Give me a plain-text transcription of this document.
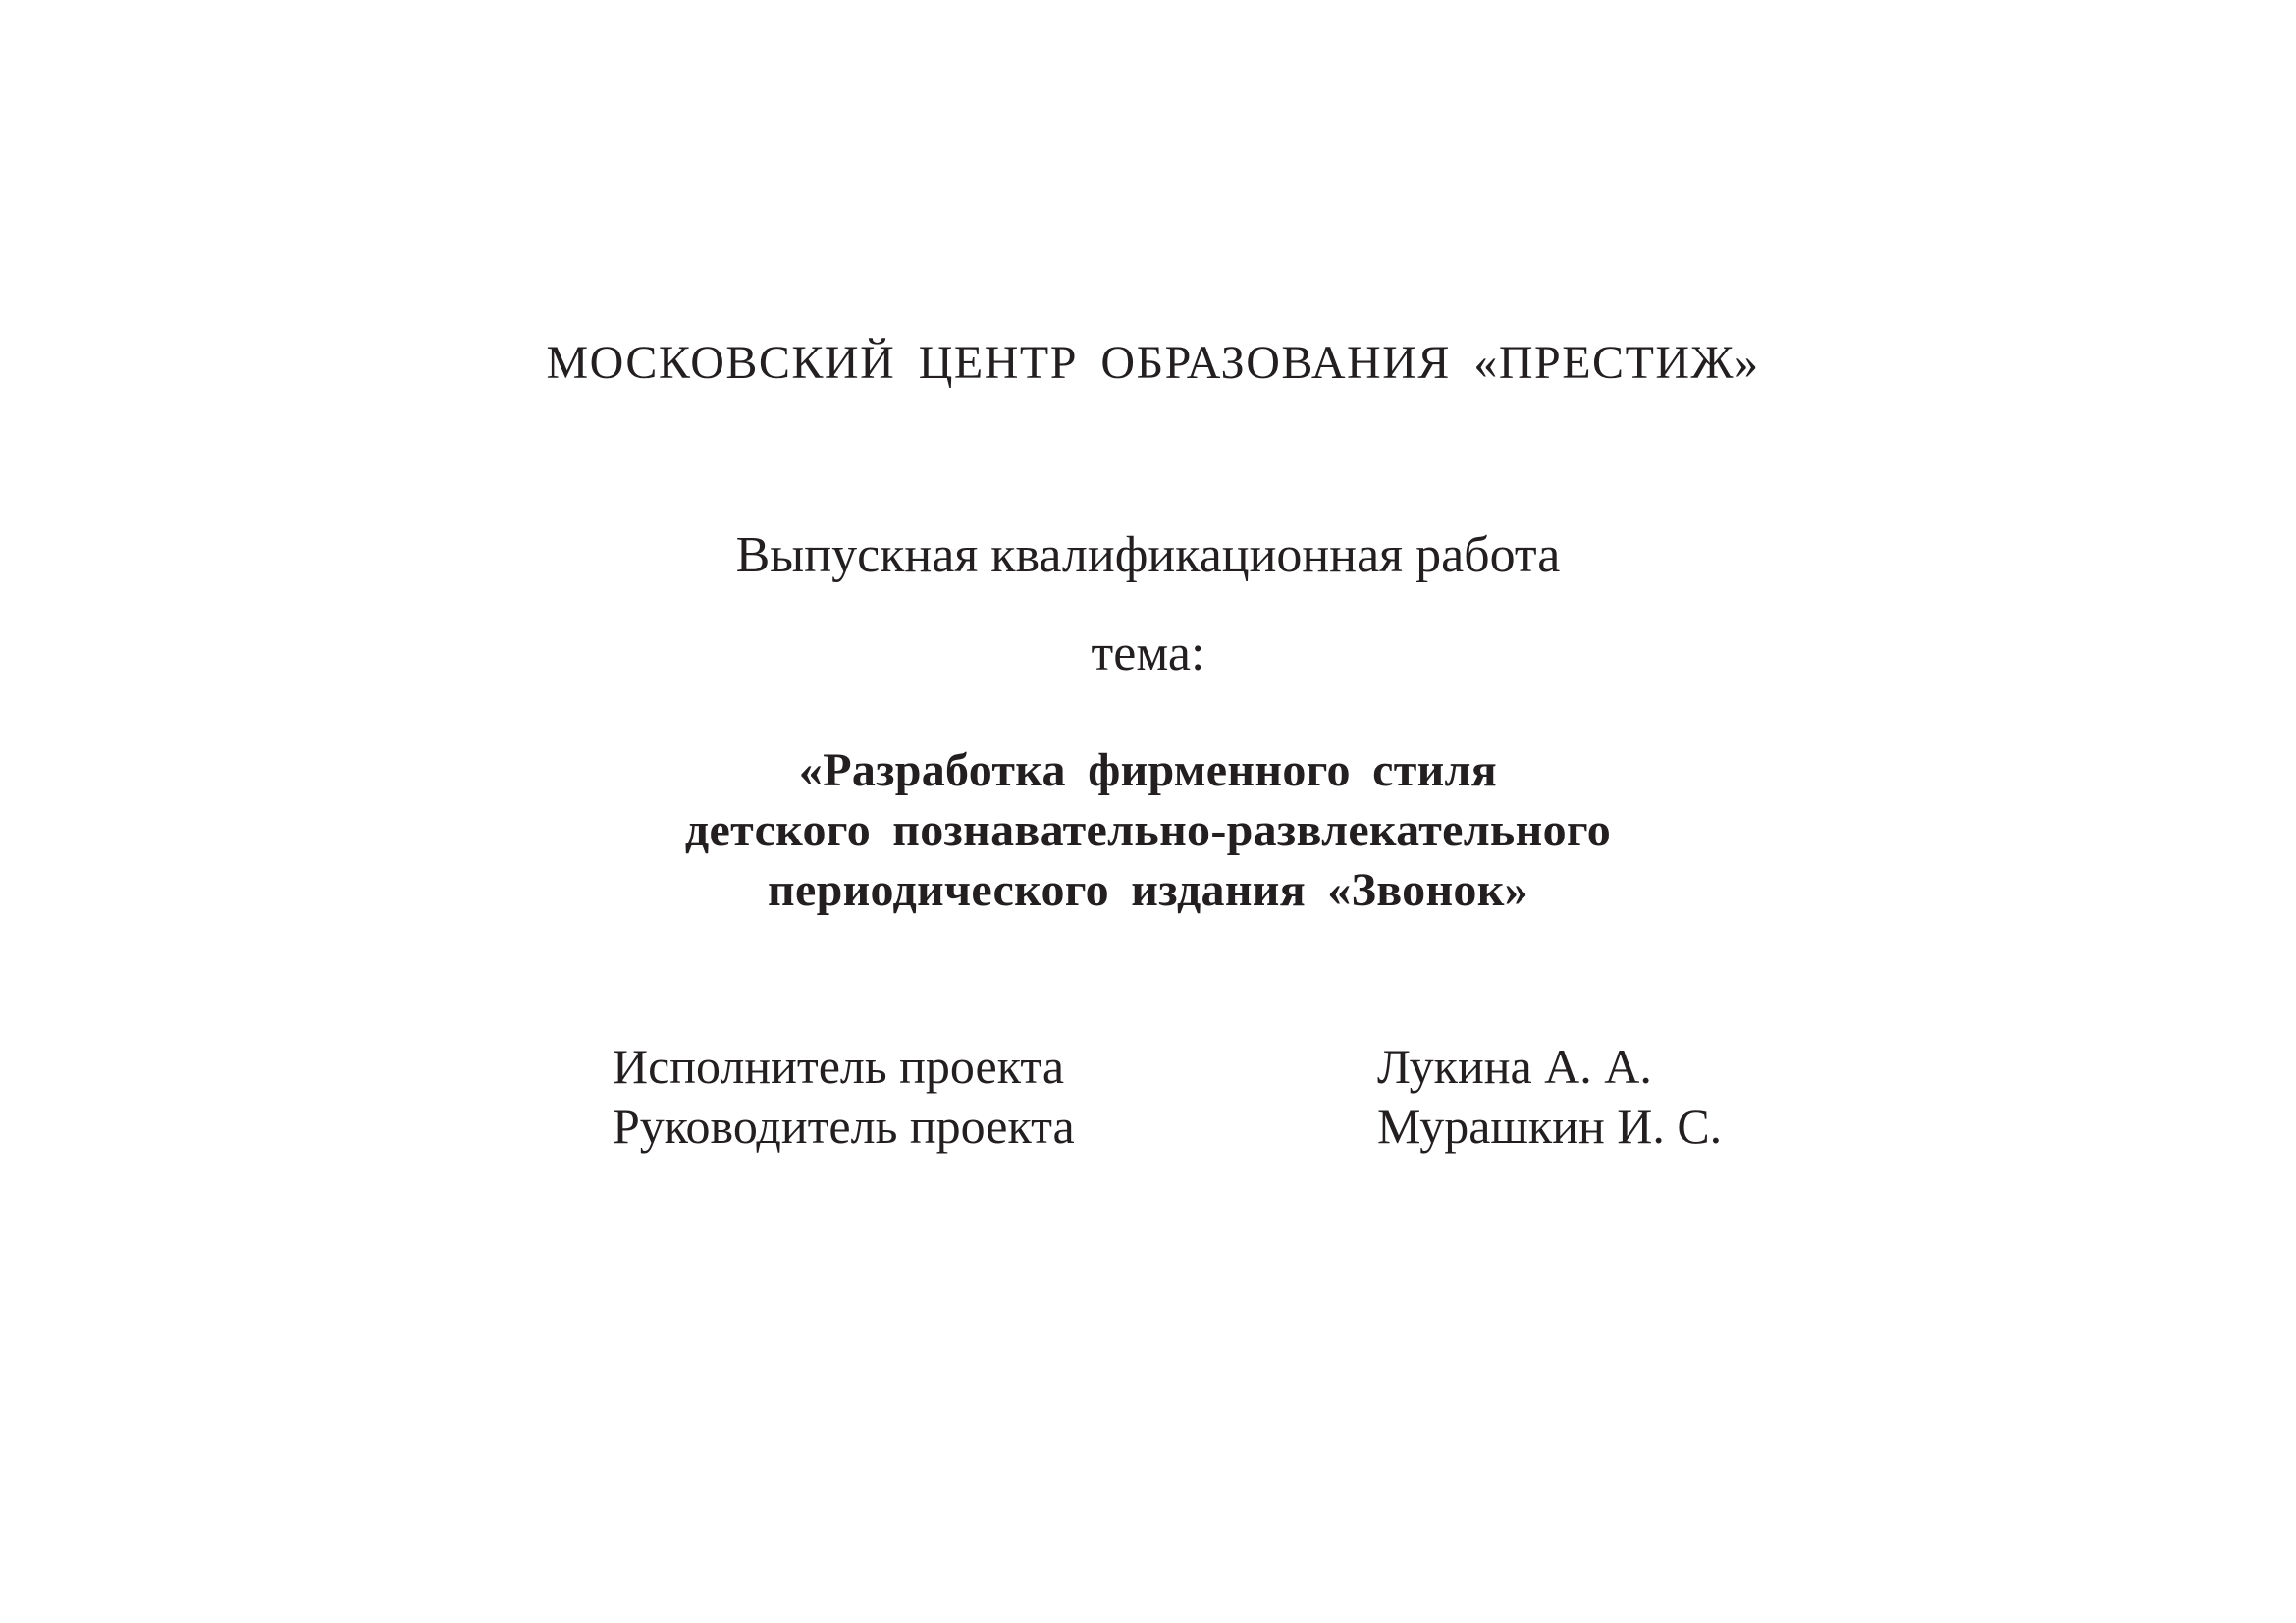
МОСКОВСКИЙ ЦЕНТР ОБРАЗОВАНИЯ «ПРЕСТИЖ»
Выпускная квалификационная работа
тема:
«Разработка фирменного стиля
детского познавательно-развлекательного
периодического издания «Звонок»
Исполнитель проекта	Лукина А. А.
Руководитель проекта	Мурашкин И. С.
